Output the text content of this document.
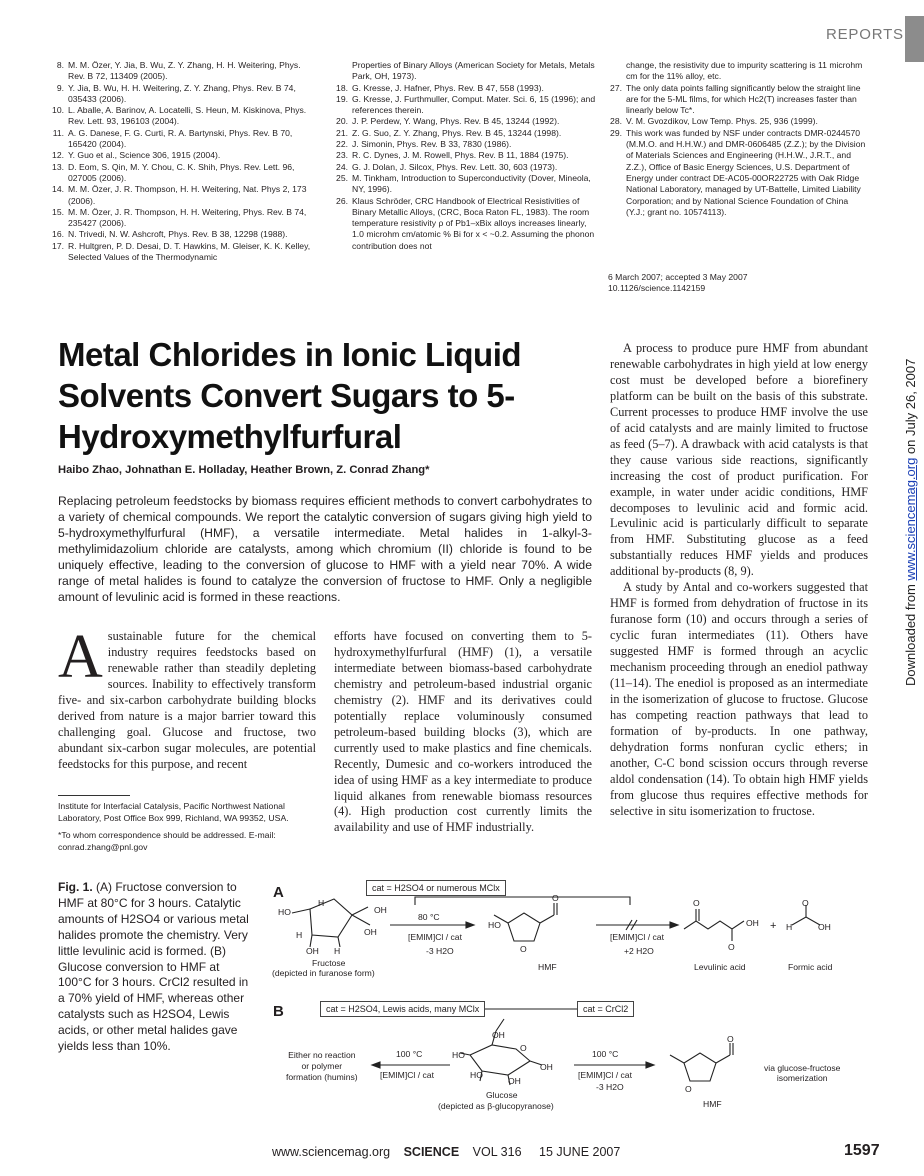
REPORTS
8. M. M. Özer, Y. Jia, B. Wu, Z. Y. Zhang, H. H. Weitering, Phys. Rev. B 72, 113409 (2005).
9. Y. Jia, B. Wu, H. H. Weitering, Z. Y. Zhang, Phys. Rev. B 74, 035433 (2006).
10. L. Aballe, A. Barinov, A. Locatelli, S. Heun, M. Kiskinova, Phys. Rev. Lett. 93, 196103 (2004).
11. A. G. Danese, F. G. Curti, R. A. Bartynski, Phys. Rev. B 70, 165420 (2004).
12. Y. Guo et al., Science 306, 1915 (2004).
13. D. Eom, S. Qin, M. Y. Chou, C. K. Shih, Phys. Rev. Lett. 96, 027005 (2006).
14. M. M. Özer, J. R. Thompson, H. H. Weitering, Nat. Phys 2, 173 (2006).
15. M. M. Özer, J. R. Thompson, H. H. Weitering, Phys. Rev. B 74, 235427 (2006).
16. N. Trivedi, N. W. Ashcroft, Phys. Rev. B 38, 12298 (1988).
17. R. Hultgren, P. D. Desai, D. T. Hawkins, M. Gleiser, K. K. Kelley, Selected Values of the Thermodynamic
Properties of Binary Alloys (American Society for Metals, Metals Park, OH, 1973).
18. G. Kresse, J. Hafner, Phys. Rev. B 47, 558 (1993).
19. G. Kresse, J. Furthmuller, Comput. Mater. Sci. 6, 15 (1996); and references therein.
20. J. P. Perdew, Y. Wang, Phys. Rev. B 45, 13244 (1992).
21. Z. G. Suo, Z. Y. Zhang, Phys. Rev. B 45, 13244 (1998).
22. J. Simonin, Phys. Rev. B 33, 7830 (1986).
23. R. C. Dynes, J. M. Rowell, Phys. Rev. B 11, 1884 (1975).
24. G. J. Dolan, J. Silcox, Phys. Rev. Lett. 30, 603 (1973).
25. M. Tinkham, Introduction to Superconductivity (Dover, Mineola, NY, 1996).
26. Klaus Schröder, CRC Handbook of Electrical Resistivities of Binary Metallic Alloys, (CRC, Boca Raton FL, 1983). The room temperature resistivity ρ of Pb1–xBix alloys increases linearly, 1.0 microhm cm/atomic % Bi for x < ~0.2. Assuming the phonon contribution does not
change, the resistivity due to impurity scattering is 11 microhm cm for the 11% alloy, etc.
27. The only data points falling significantly below the straight line are for the 5-ML films, for which Hc2(T) increases faster than linearly below Tc*.
28. V. M. Gvozdikov, Low Temp. Phys. 25, 936 (1999).
29. This work was funded by NSF under contracts DMR-0244570 (M.M.O. and H.H.W.) and DMR-0606485 (Z.Z.); by the Division of Materials Sciences and Engineering (H.H.W., J.R.T., and Z.Z.), Office of Basic Energy Sciences, U.S. Department of Energy under contract DE-AC05-00OR22725 with Oak Ridge National Laboratory, managed by UT-Battelle, Limited Liability Corporation; and by National Science Foundation of China (Y.J.; grant no. 10574113).
6 March 2007; accepted 3 May 2007
10.1126/science.1142159
Metal Chlorides in Ionic Liquid Solvents Convert Sugars to 5-Hydroxymethylfurfural
Haibo Zhao, Johnathan E. Holladay, Heather Brown, Z. Conrad Zhang*
Replacing petroleum feedstocks by biomass requires efficient methods to convert carbohydrates to a variety of chemical compounds. We report the catalytic conversion of sugars giving high yield to 5-hydroxymethylfurfural (HMF), a versatile intermediate. Metal halides in 1-alkyl-3-methylimidazolium chloride are catalysts, among which chromium (II) chloride is found to be uniquely effective, leading to the conversion of glucose to HMF with a yield near 70%. A wide range of metal halides is found to catalyze the conversion of fructose to HMF. Only a negligible amount of levulinic acid is formed in these reactions.
Asustainable future for the chemical industry requires feedstocks based on renewable rather than steadily depleting sources. Inability to effectively transform five- and six-carbon carbohydrate building blocks derived from nature is a major barrier toward this challenging goal. Glucose and fructose, two abundant six-carbon sugar molecules, are potential feedstocks for this purpose, and recent
Institute for Interfacial Catalysis, Pacific Northwest National Laboratory, Post Office Box 999, Richland, WA 99352, USA.
*To whom correspondence should be addressed. E-mail: conrad.zhang@pnl.gov
efforts have focused on converting them to 5-hydroxymethylfurfural (HMF) (1), a versatile intermediate between biomass-based carbohydrate chemistry and petroleum-based industrial organic chemistry (2). HMF and its derivatives could potentially replace voluminously consumed petroleum-based building blocks (3), which are currently used to make plastics and fine chemicals. Recently, Dumesic and co-workers introduced the idea of using HMF as a key intermediate to produce liquid alkanes from renewable biomass resources (4). High production cost currently limits the availability and use of HMF industrially.

A process to produce pure HMF from abundant renewable carbohydrates in high yield at low energy cost must be developed before a biorefinery platform can be built on the basis of this substrate. Current processes to produce HMF involve the use of acid catalysts and are mainly limited to fructose as feed (5–7). A drawback with acid catalysts is that they cause various side reactions, significantly increasing the cost of product purification. For example, in water under acidic conditions, HMF decomposes to levulinic acid and formic acid. Levulinic acid is particularly difficult to separate from HMF. Substituting glucose as a feed substantially reduces HMF yields and produces additional by-products (8, 9).

A study by Antal and co-workers suggested that HMF is formed from dehydration of fructose in its furanose form (10) and occurs through a series of cyclic furan intermediates (11). Others have suggested HMF is formed through an acyclic mechanism proceeding through an enediol pathway (11–14). The enediol is proposed as an intermediate in the isomerization of glucose to fructose. Glucose has competing reaction pathways that lead to formation of by-products. In one pathway, dehydration forms nonfuran cyclic ethers; in another, C-C bond scission occurs through reverse aldol condensation (14). To obtain high HMF yields from glucose thus requires effective methods for selective in situ isomerization to fructose.

Downloaded from www.sciencemag.org on July 26, 2007
Fig. 1. (A) Fructose conversion to HMF at 80°C for 3 hours. Catalytic amounts of H2SO4 or various metal halides promote the chemistry. Very little levulinic acid is formed. (B) Glucose conversion to HMF at 100°C for 3 hours. CrCl2 resulted in a 70% yield of HMF, whereas other catalysts such as H2SO4, Lewis acids, or other metal halides gave yields less than 10%.
A	cat = H2SO4 or numerous MClx
HO
H
OH
OH
H
OH H
Fructose
(depicted in furanose form)
80 °C
[EMIM]Cl / cat
-3 H2O
HO
O
O
HMF
[EMIM]Cl / cat
+2 H2O
O
O
OH
Levulinic acid
+
O
H	OH
Formic acid
B	cat = H2SO4, Lewis acids, many MClx	cat = CrCl2
Either no reaction
or polymer
formation (humins)
100 °C
[EMIM]Cl / cat
OH
HO
O
OH
HO
OH
Glucose
(depicted as β-glucopyranose)
100 °C
[EMIM]Cl / cat
-3 H2O
O
O
HMF
via glucose-fructose
isomerization
www.sciencemag.org SCIENCE VOL 316 15 JUNE 2007	1597
